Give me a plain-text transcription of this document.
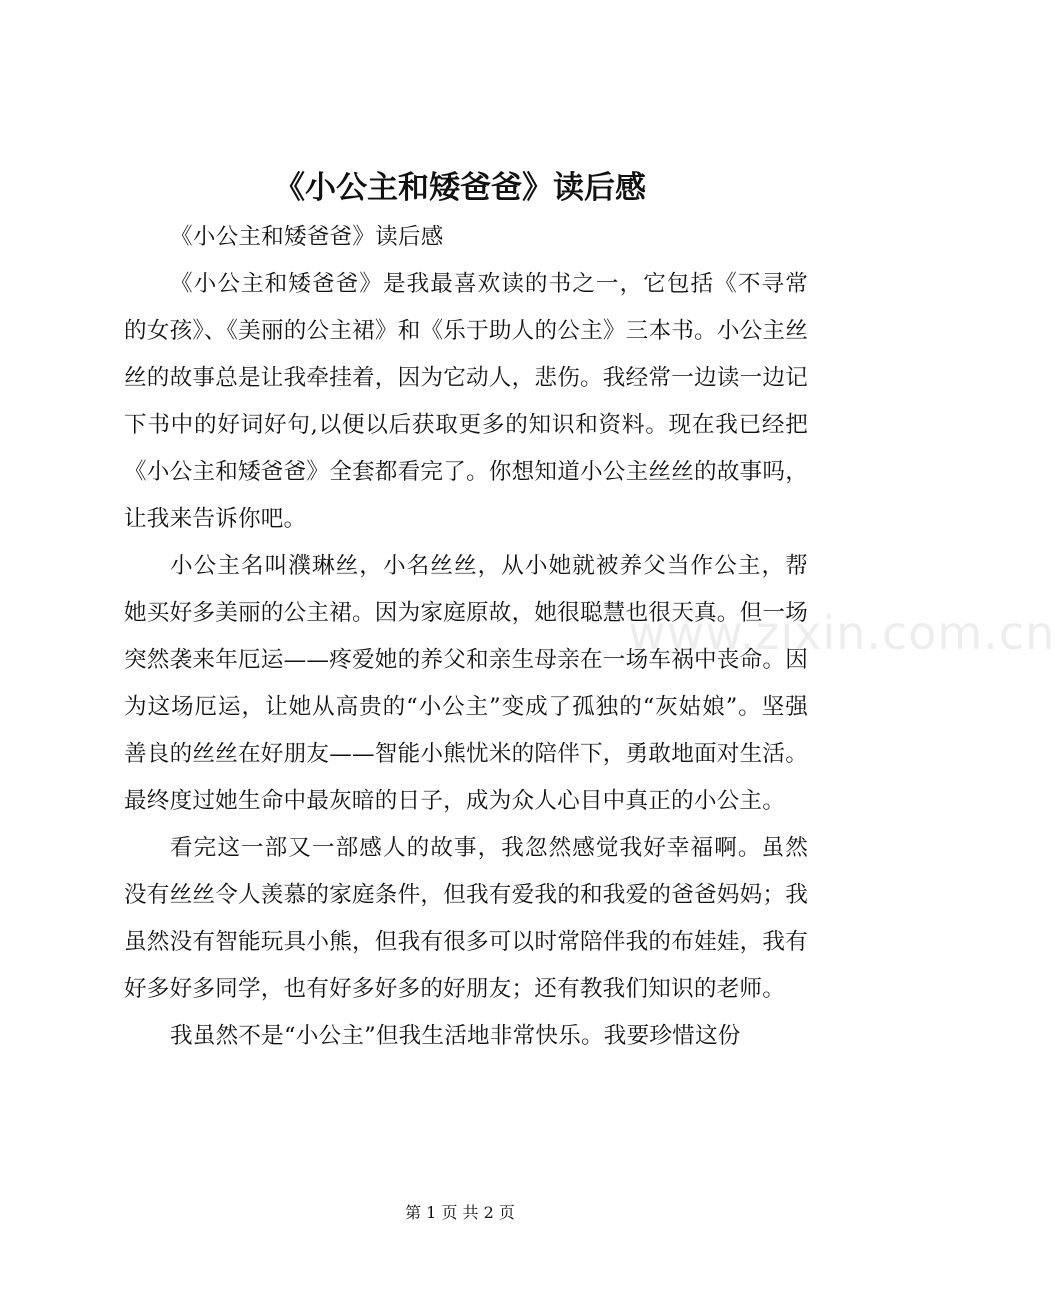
www.zixin.com.cn
《小公主和矮爸爸》读后感

《小公主和矮爸爸》读后感

《小公主和矮爸爸》是我最喜欢读的书之一，它包括《不寻常的女孩》、《美丽的公主裙》和《乐于助人的公主》三本书。小公主丝丝的故事总是让我牵挂着，因为它动人，悲伤。我经常一边读一边记下书中的好词好句,以便以后获取更多的知识和资料。现在我已经把《小公主和矮爸爸》全套都看完了。你想知道小公主丝丝的故事吗，让我来告诉你吧。

小公主名叫濮琳丝，小名丝丝，从小她就被养父当作公主，帮她买好多美丽的公主裙。因为家庭原故，她很聪慧也很天真。但一场突然袭来年厄运——疼爱她的养父和亲生母亲在一场车祸中丧命。因为这场厄运，让她从高贵的“小公主”变成了孤独的“灰姑娘”。坚强善良的丝丝在好朋友——智能小熊忧米的陪伴下，勇敢地面对生活。最终度过她生命中最灰暗的日子，成为众人心目中真正的小公主。

看完这一部又一部感人的故事，我忽然感觉我好幸福啊。虽然没有丝丝令人羡慕的家庭条件，但我有爱我的和我爱的爸爸妈妈；我虽然没有智能玩具小熊，但我有很多可以时常陪伴我的布娃娃，我有好多好多同学，也有好多好多的好朋友；还有教我们知识的老师。

我虽然不是“小公主”但我生活地非常快乐。我要珍惜这份

第 1 页 共 2 页
